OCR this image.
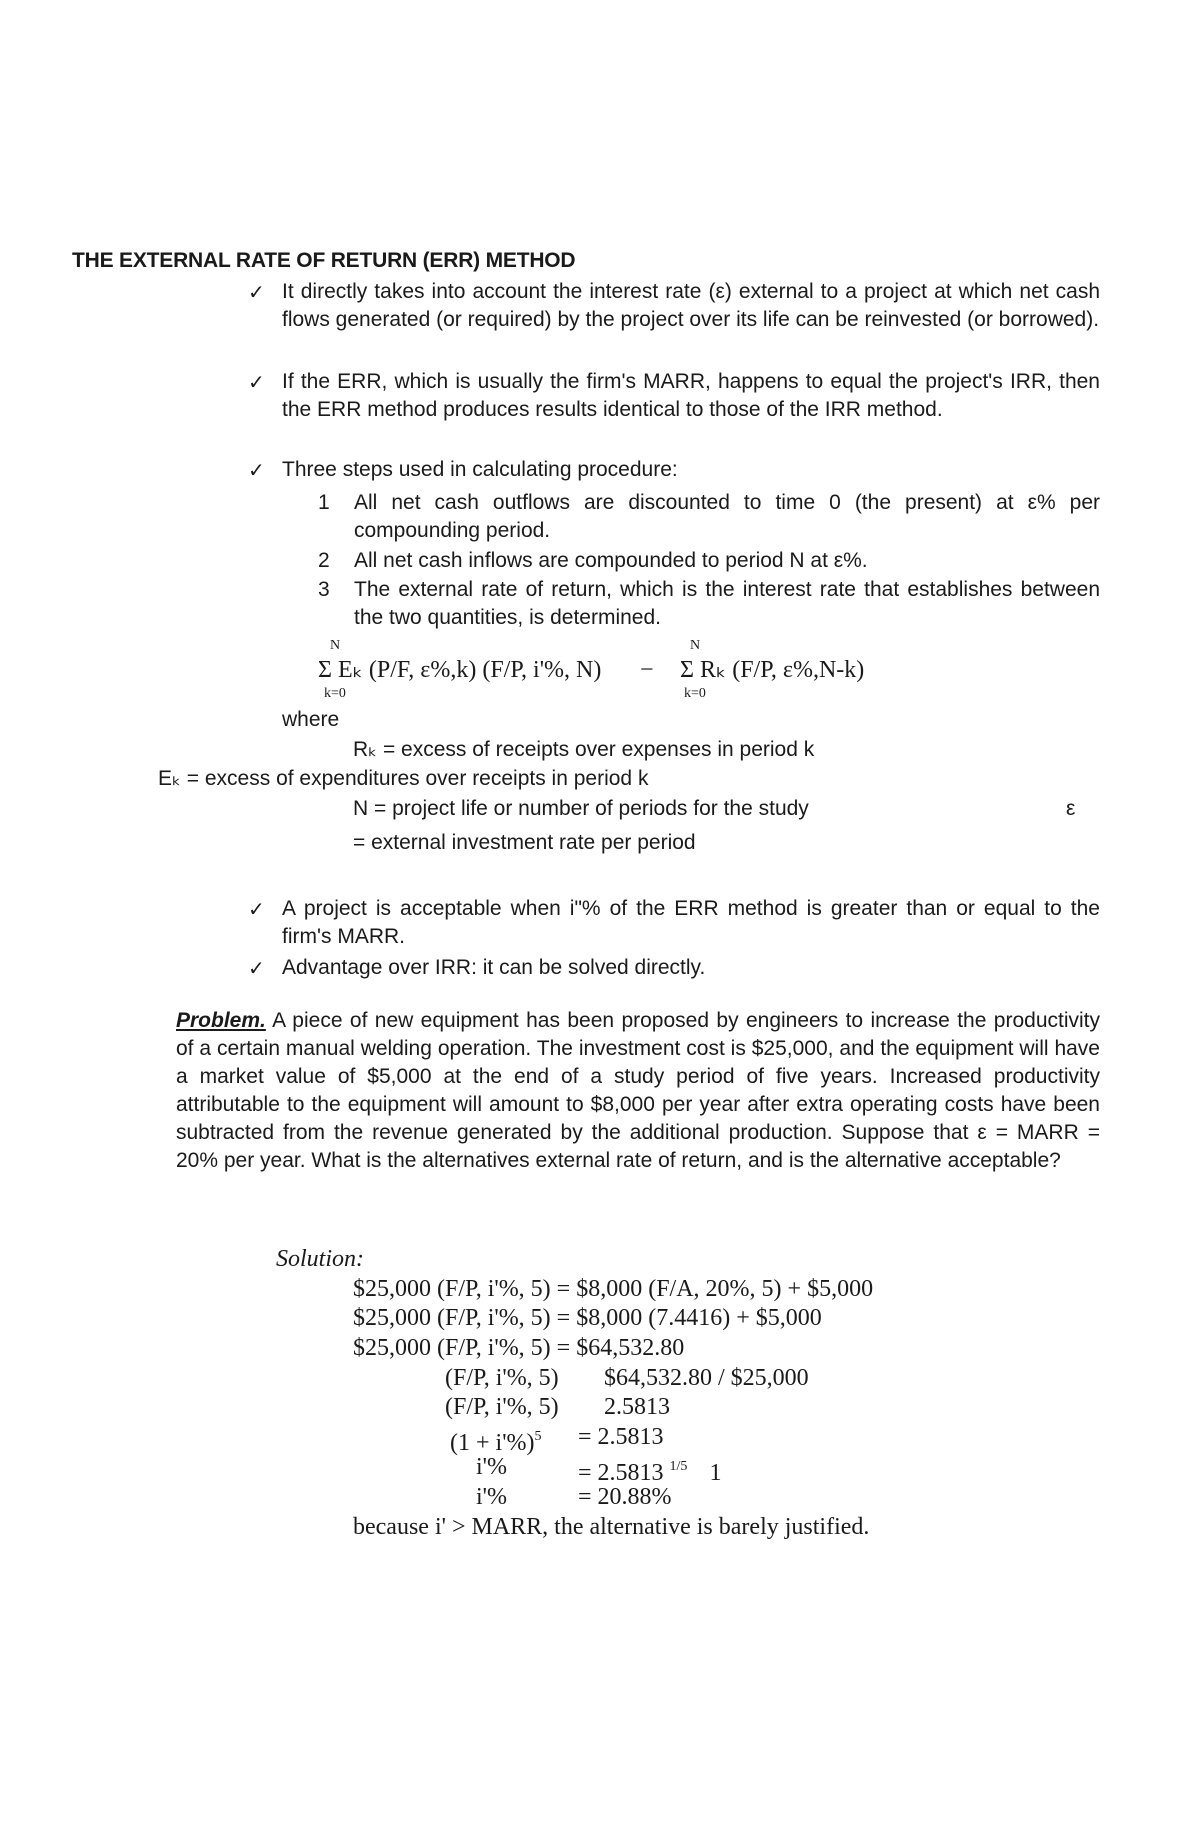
THE EXTERNAL RATE OF RETURN (ERR) METHOD
✓ It directly takes into account the interest rate (ε) external to a project at which net cash flows generated (or required) by the project over its life can be reinvested (or borrowed).
✓ If the ERR, which is usually the firm's MARR, happens to equal the project's IRR, then the ERR method produces results identical to those of the IRR method.
✓ Three steps used in calculating procedure:
1 All net cash outflows are discounted to time 0 (the present) at ε% per compounding period.
2 All net cash inflows are compounded to period N at ε%.
3 The external rate of return, which is the interest rate that establishes between the two quantities, is determined.
N
k=0
Σ Eₖ (P/F, ε%,k) (F/P, i'%, N) −
N
k=0
Σ Rₖ (F/P, ε%,N-k)
where
Rₖ = excess of receipts over expenses in period k
Eₖ = excess of expenditures over receipts in period k
N = project life or number of periods for the study	ε
= external investment rate per period
✓ A project is acceptable when i"% of the ERR method is greater than or equal to the firm's MARR.
✓ Advantage over IRR: it can be solved directly.
Problem. A piece of new equipment has been proposed by engineers to increase the productivity of a certain manual welding operation. The investment cost is $25,000, and the equipment will have a market value of $5,000 at the end of a study period of five years. Increased productivity attributable to the equipment will amount to $8,000 per year after extra operating costs have been subtracted from the revenue generated by the additional production. Suppose that ε = MARR = 20% per year. What is the alternatives external rate of return, and is the alternative acceptable?
Solution:
$25,000 (F/P, i'%, 5) = $8,000 (F/A, 20%, 5) + $5,000
$25,000 (F/P, i'%, 5) = $8,000 (7.4416) + $5,000
$25,000 (F/P, i'%, 5) = $64,532.80
(F/P, i'%, 5) $64,532.80 / $25,000
(F/P, i'%, 5) 2.5813
$(1 + i'\%)^5 = 2.5813$
i'%	= 2.5813 $^{1/5}$ 1
i'%	= 20.88%
because i' > MARR, the alternative is barely justified.
